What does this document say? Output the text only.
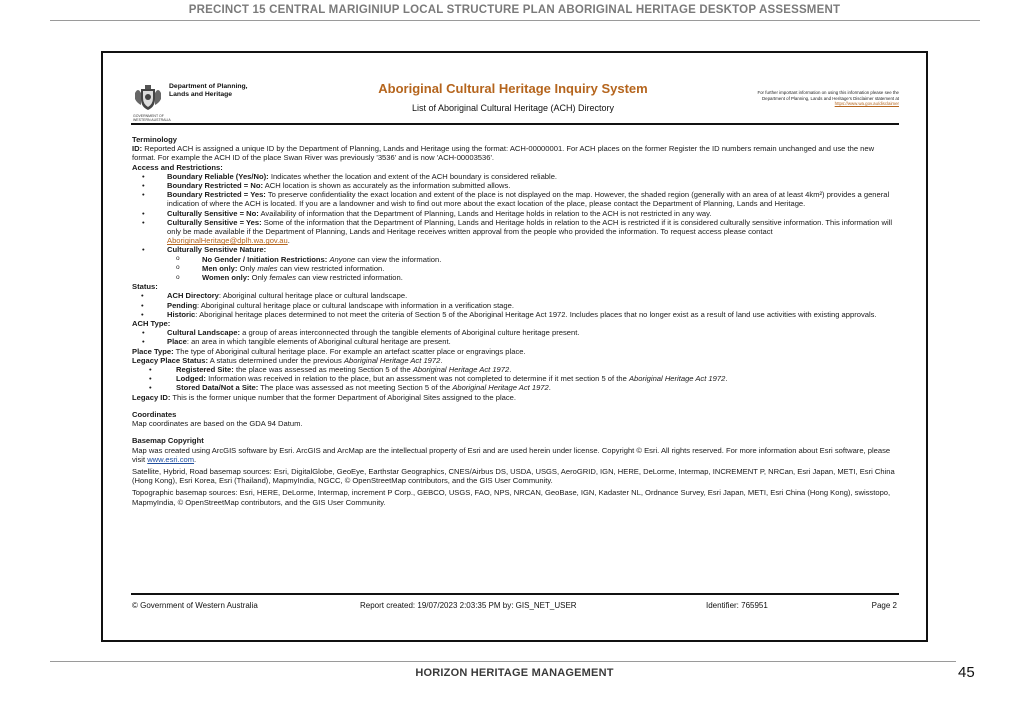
PRECINCT 15 CENTRAL MARIGINIUP LOCAL STRUCTURE PLAN ABORIGINAL HERITAGE DESKTOP ASSESSMENT
Department of Planning,
Lands and Heritage
GOVERNMENT OF WESTERN AUSTRALIA
Aboriginal Cultural Heritage Inquiry System
List of Aboriginal Cultural Heritage (ACH) Directory
For further important information on using this information please see the
Department of Planning, Lands and Heritage's Disclaimer statement at
https://www.wa.gov.au/disclaimer

Terminology

ID: Reported ACH is assigned a unique ID by the Department of Planning, Lands and Heritage using the format: ACH-00000001. For ACH places on the former Register the ID numbers remain unchanged and use the new format. For example the ACH ID of the place Swan River was previously '3536' and is now 'ACH-00003536'.

Access and Restrictions:

• Boundary Reliable (Yes/No): Indicates whether the location and extent of the ACH boundary is considered reliable.

• Boundary Restricted = No: ACH location is shown as accurately as the information submitted allows.

• Boundary Restricted = Yes: To preserve confidentiality the exact location and extent of the place is not displayed on the map. However, the shaded region (generally with an area of at least 4km²) provides a general indication of where the ACH is located. If you are a landowner and wish to find out more about the exact location of the place, please contact the Department of Planning, Lands and Heritage.

• Culturally Sensitive = No: Availability of information that the Department of Planning, Lands and Heritage holds in relation to the ACH is not restricted in any way.

• Culturally Sensitive = Yes: Some of the information that the Department of Planning, Lands and Heritage holds in relation to the ACH is restricted if it is considered culturally sensitive information. This information will only be made available if the Department of Planning, Lands and Heritage receives written approval from the people who provided the information. To request access please contact AboriginalHeritage@dplh.wa.gov.au.

• Culturally Sensitive Nature:

o No Gender / Initiation Restrictions: Anyone can view the information.

o Men only: Only males can view restricted information.

o Women only: Only females can view restricted information.

Status:

• ACH Directory: Aboriginal cultural heritage place or cultural landscape.

• Pending: Aboriginal cultural heritage place or cultural landscape with information in a verification stage.

• Historic: Aboriginal heritage places determined to not meet the criteria of Section 5 of the Aboriginal Heritage Act 1972. Includes places that no longer exist as a result of land use activities with existing approvals.

ACH Type:

• Cultural Landscape: a group of areas interconnected through the tangible elements of Aboriginal culture heritage present.

• Place: an area in which tangible elements of Aboriginal cultural heritage are present.

Place Type: The type of Aboriginal cultural heritage place. For example an artefact scatter place or engravings place.

Legacy Place Status: A status determined under the previous Aboriginal Heritage Act 1972.

• Registered Site: the place was assessed as meeting Section 5 of the Aboriginal Heritage Act 1972.

• Lodged: Information was received in relation to the place, but an assessment was not completed to determine if it met section 5 of the Aboriginal Heritage Act 1972.

• Stored Data/Not a Site: The place was assessed as not meeting Section 5 of the Aboriginal Heritage Act 1972.

Legacy ID: This is the former unique number that the former Department of Aboriginal Sites assigned to the place.

Coordinates

Map coordinates are based on the GDA 94 Datum.

Basemap Copyright

Map was created using ArcGIS software by Esri. ArcGIS and ArcMap are the intellectual property of Esri and are used herein under license. Copyright © Esri. All rights reserved. For more information about Esri software, please visit www.esri.com.

Satellite, Hybrid, Road basemap sources: Esri, DigitalGlobe, GeoEye, Earthstar Geographics, CNES/Airbus DS, USDA, USGS, AeroGRID, IGN, HERE, DeLorme, Intermap, INCREMENT P, NRCan, Esri Japan, METI, Esri China (Hong Kong), Esri Korea, Esri (Thailand), MapmyIndia, NGCC, © OpenStreetMap contributors, and the GIS User Community.

Topographic basemap sources: Esri, HERE, DeLorme, Intermap, increment P Corp., GEBCO, USGS, FAO, NPS, NRCAN, GeoBase, IGN, Kadaster NL, Ordnance Survey, Esri Japan, METI, Esri China (Hong Kong), swisstopo, MapmyIndia, © OpenStreetMap contributors, and the GIS User Community.

© Government of Western Australia	Report created: 19/07/2023 2:03:35 PM by: GIS_NET_USER	Identifier: 765951	Page 2
HORIZON HERITAGE MANAGEMENT	45
